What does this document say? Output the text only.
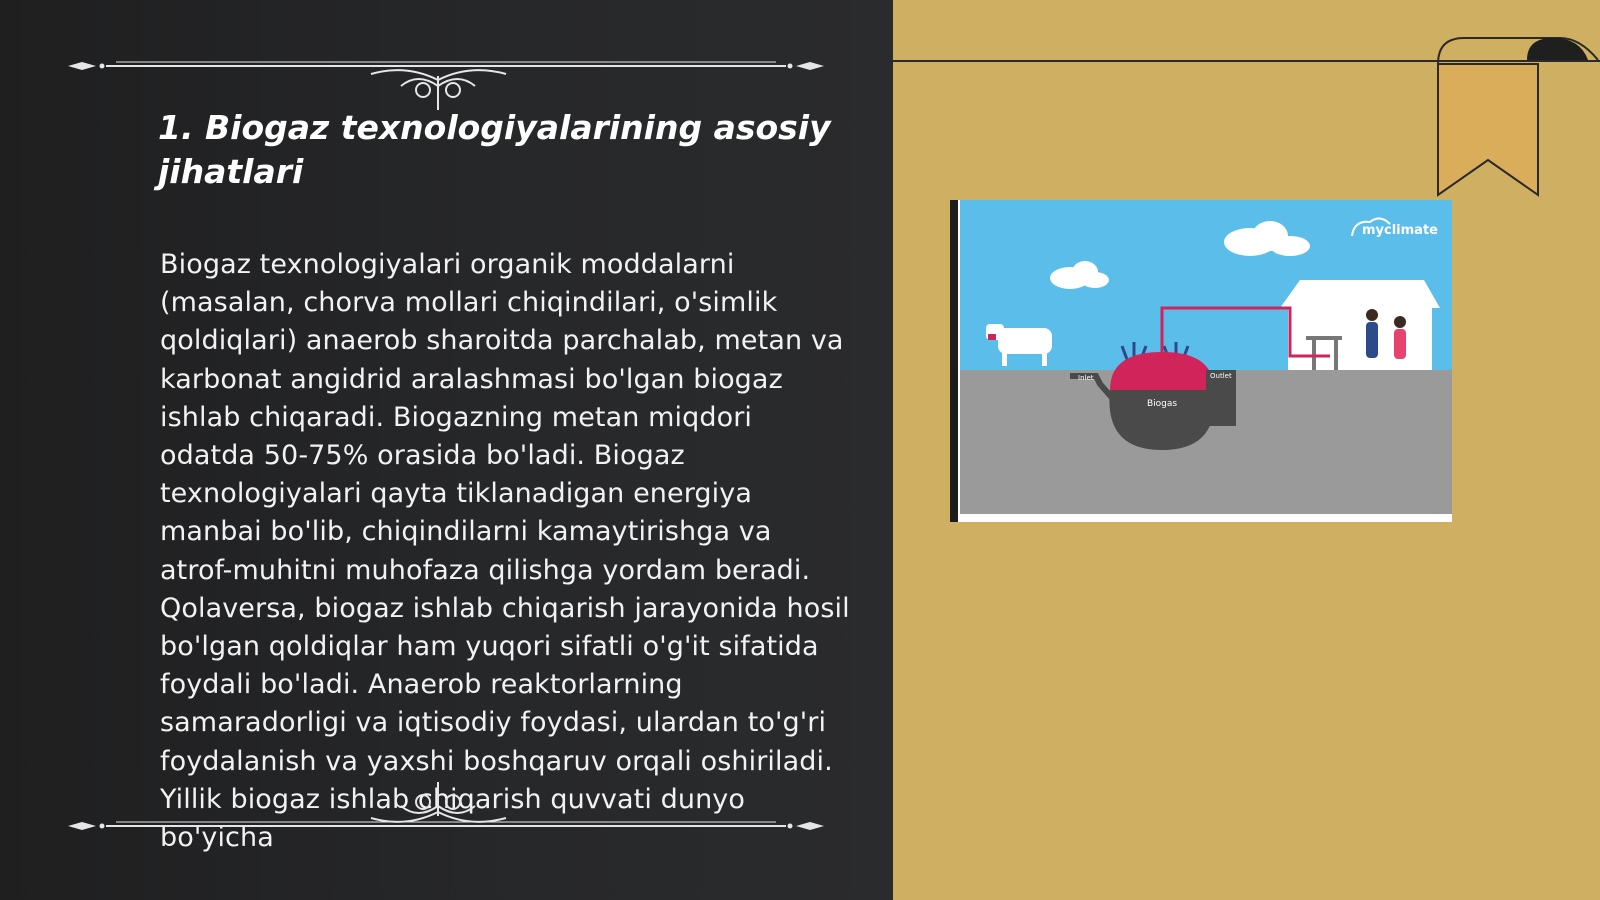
1. Biogaz texnologiyalarining asosiy jihatlari

Biogaz texnologiyalari organik moddalarni (masalan, chorva mollari chiqindilari, o'simlik qoldiqlari) anaerob sharoitda parchalab, metan va karbonat angidrid aralashmasi bo'lgan biogaz ishlab chiqaradi. Biogazning metan miqdori odatda 50-75% orasida bo'ladi. Biogaz texnologiyalari qayta tiklanadigan energiya manbai bo'lib, chiqindilarni kamaytirishga va atrof-muhitni muhofaza qilishga yordam beradi. Qolaversa, biogaz ishlab chiqarish jarayonida hosil bo'lgan qoldiqlar ham yuqori sifatli o'g'it sifatida foydali bo'ladi. Anaerob reaktorlarning samaradorligi va iqtisodiy foydasi, ulardan to'g'ri foydalanish va yaxshi boshqaruv orqali oshiriladi. Yillik biogaz ishlab chiqarish quvvati dunyo bo'yicha

myclimate
Biogas
Inlet	Outlet
